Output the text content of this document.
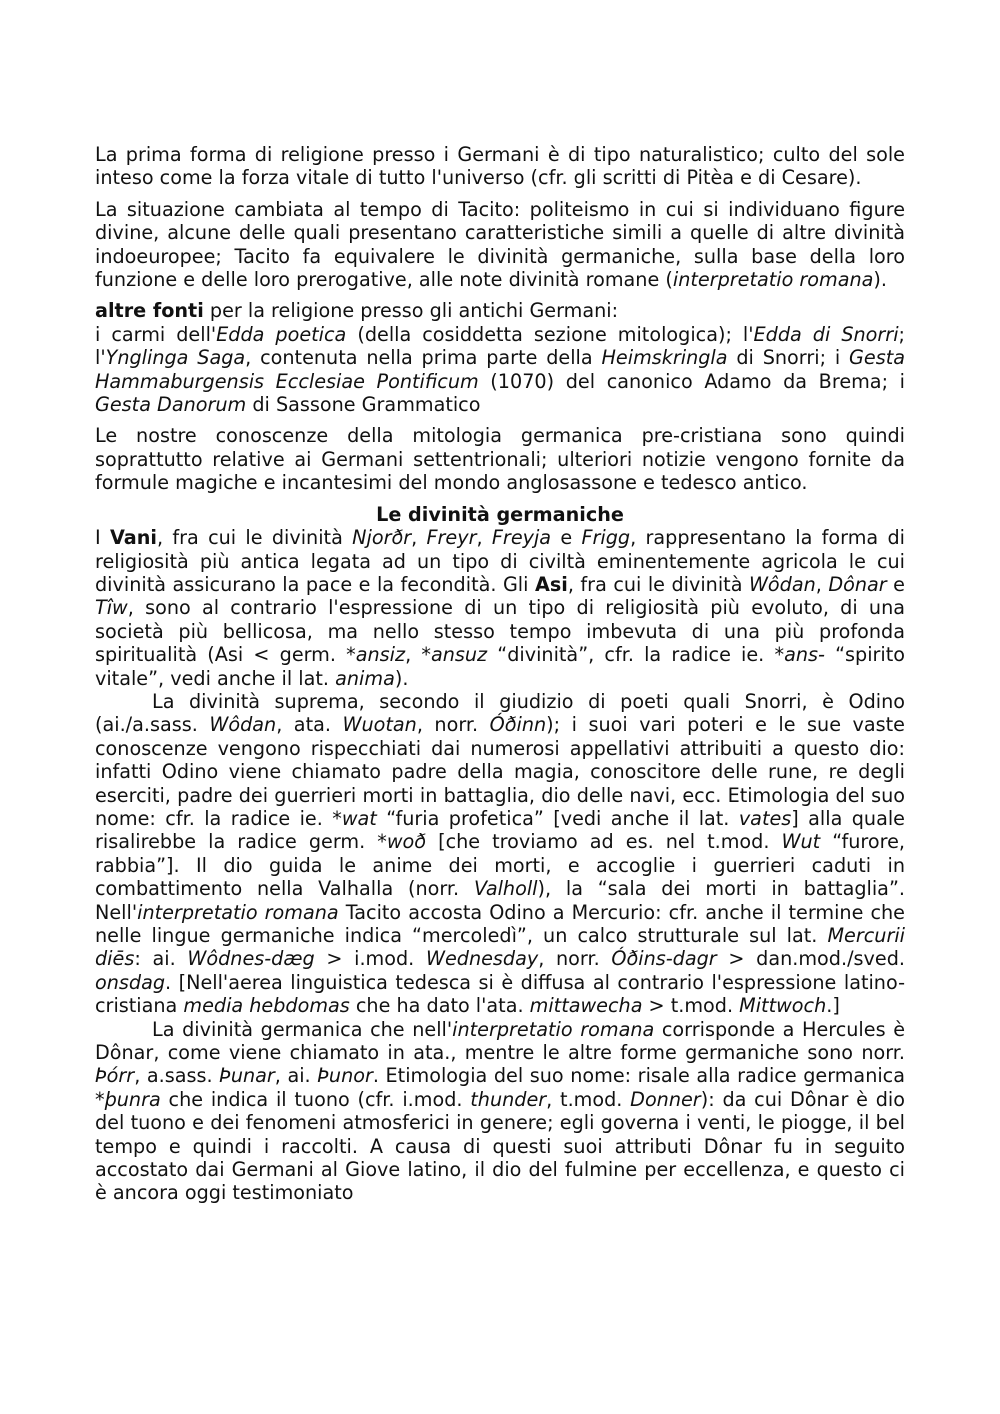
La prima forma di religione presso i Germani è di tipo naturalistico; culto del sole inteso come la forza vitale di tutto l'universo (cfr. gli scritti di Pitèa e di Cesare).

La situazione cambiata al tempo di Tacito: politeismo in cui si individuano figure divine, alcune delle quali presentano caratteristiche simili a quelle di altre divinità indoeuropee; Tacito fa equivalere le divinità germaniche, sulla base della loro funzione e delle loro prerogative, alle note divinità romane (interpretatio romana).

altre fonti per la religione presso gli antichi Germani:

i carmi dell'Edda poetica (della cosiddetta sezione mitologica); l'Edda di Snorri; l'Ynglinga Saga, contenuta nella prima parte della Heimskringla di Snorri; i Gesta Hammaburgensis Ecclesiae Pontificum (1070) del canonico Adamo da Brema; i Gesta Danorum di Sassone Grammatico

Le nostre conoscenze della mitologia germanica pre-cristiana sono quindi soprattutto relative ai Germani settentrionali; ulteriori notizie vengono fornite da formule magiche e incantesimi del mondo anglosassone e tedesco antico.

Le divinità germaniche

I Vani, fra cui le divinità Njorðr, Freyr, Freyja e Frigg, rappresentano la forma di religiosità più antica legata ad un tipo di civiltà eminentemente agricola le cui divinità assicurano la pace e la fecondità. Gli Asi, fra cui le divinità Wôdan, Dônar e Tîw, sono al contrario l'espressione di un tipo di religiosità più evoluto, di una società più bellicosa, ma nello stesso tempo imbevuta di una più profonda spiritualità (Asi < germ. *ansiz, *ansuz “divinità”, cfr. la radice ie. *ans- “spirito vitale”, vedi anche il lat. anima).

La divinità suprema, secondo il giudizio di poeti quali Snorri, è Odino (ai./a.sass. Wôdan, ata. Wuotan, norr. Óðinn); i suoi vari poteri e le sue vaste conoscenze vengono rispecchiati dai numerosi appellativi attribuiti a questo dio: infatti Odino viene chiamato padre della magia, conoscitore delle rune, re degli eserciti, padre dei guerrieri morti in battaglia, dio delle navi, ecc. Etimologia del suo nome: cfr. la radice ie. *wat “furia profetica” [vedi anche il lat. vates] alla quale risalirebbe la radice germ. *woð [che troviamo ad es. nel t.mod. Wut “furore, rabbia”]. Il dio guida le anime dei morti, e accoglie i guerrieri caduti in combattimento nella Valhalla (norr. Valholl), la “sala dei morti in battaglia”. Nell'interpretatio romana Tacito accosta Odino a Mercurio: cfr. anche il termine che nelle lingue germaniche indica “mercoledì”, un calco strutturale sul lat. Mercurii diēs: ai. Wôdnes-dæg > i.mod. Wednesday, norr. Óðins-dagr > dan.mod./sved. onsdag. [Nell'aerea linguistica tedesca si è diffusa al contrario l'espressione latino-cristiana media hebdomas che ha dato l'ata. mittawecha > t.mod. Mittwoch.]

La divinità germanica che nell'interpretatio romana corrisponde a Hercules è Dônar, come viene chiamato in ata., mentre le altre forme germaniche sono norr. Þórr, a.sass. Þunar, ai. Þunor. Etimologia del suo nome: risale alla radice germanica *þunra che indica il tuono (cfr. i.mod. thunder, t.mod. Donner): da cui Dônar è dio del tuono e dei fenomeni atmosferici in genere; egli governa i venti, le piogge, il bel tempo e quindi i raccolti. A causa di questi suoi attributi Dônar fu in seguito accostato dai Germani al Giove latino, il dio del fulmine per eccellenza, e questo ci è ancora oggi testimoniato
